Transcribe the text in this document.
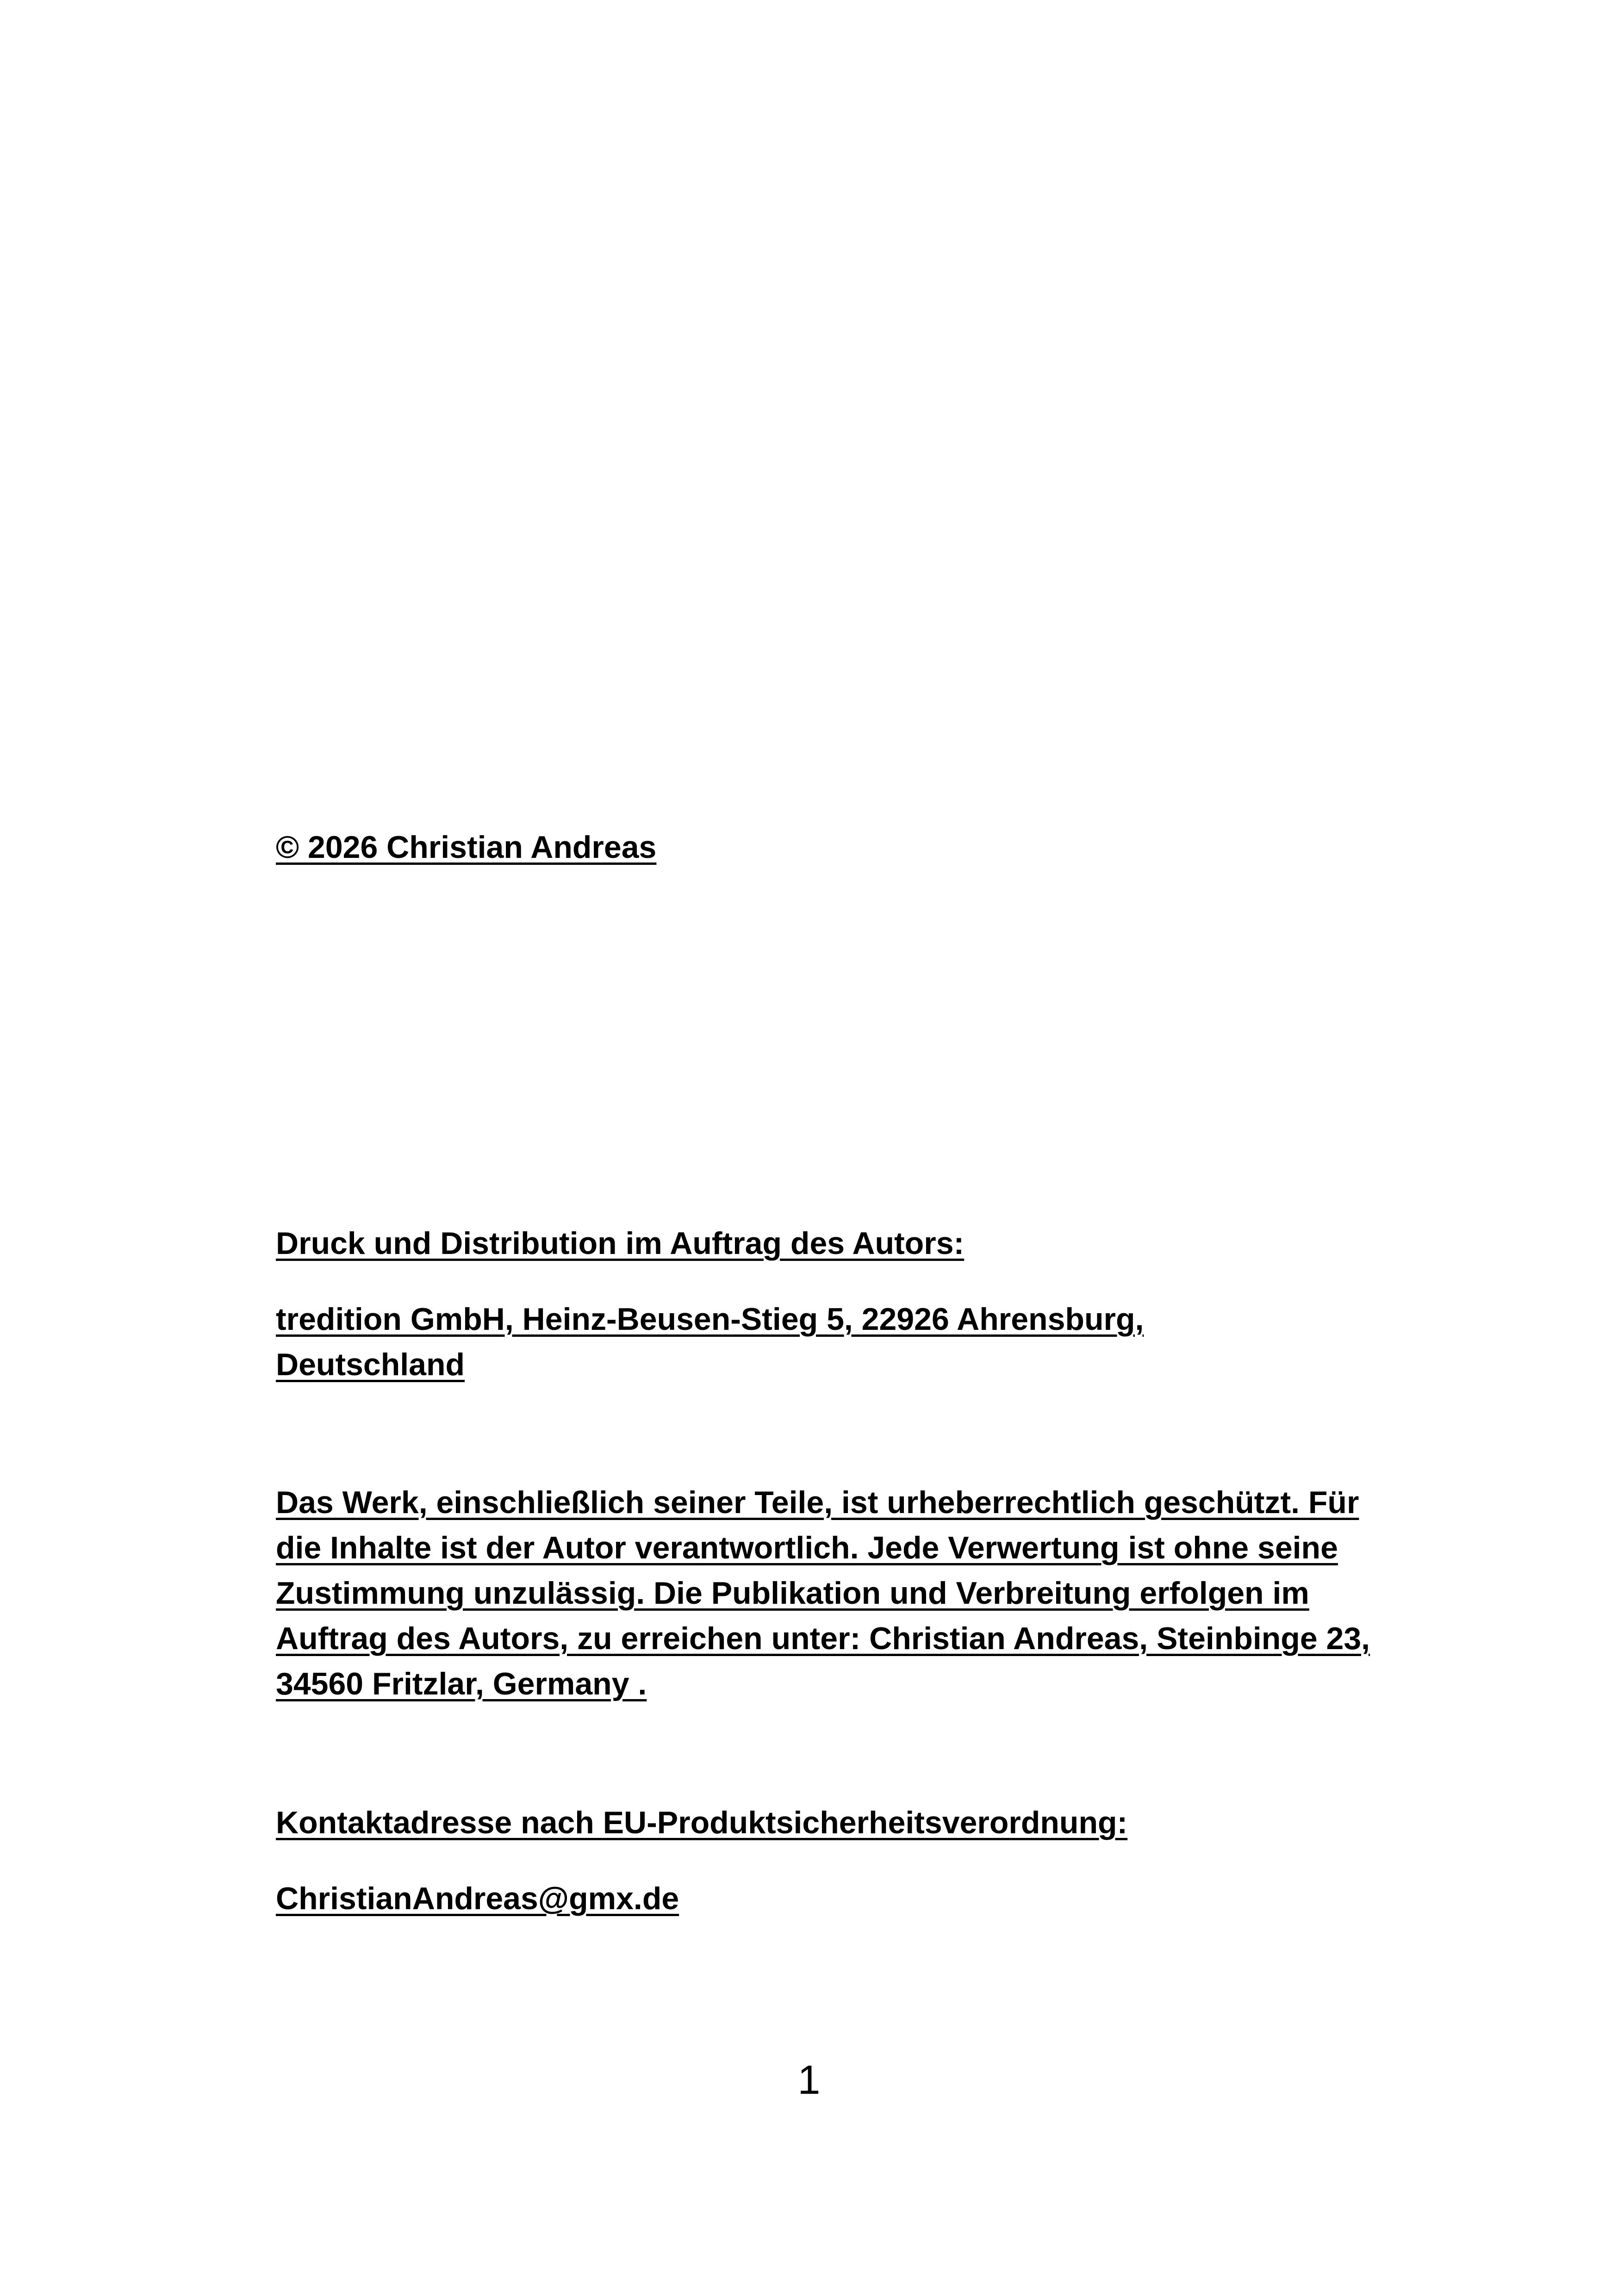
© 2026 Christian Andreas

Druck und Distribution im Auftrag des Autors:

tredition GmbH, Heinz-Beusen-Stieg 5, 22926 Ahrensburg, Deutschland

Das Werk, einschließlich seiner Teile, ist urheberrechtlich geschützt. Für die Inhalte ist der Autor verantwortlich. Jede Verwertung ist ohne seine Zustimmung unzulässig. Die Publikation und Verbreitung erfolgen im Auftrag des Autors, zu erreichen unter: Christian Andreas, Steinbinge 23, 34560 Fritzlar, Germany .

Kontaktadresse nach EU-Produktsicherheitsverordnung:

ChristianAndreas@gmx.de

1
